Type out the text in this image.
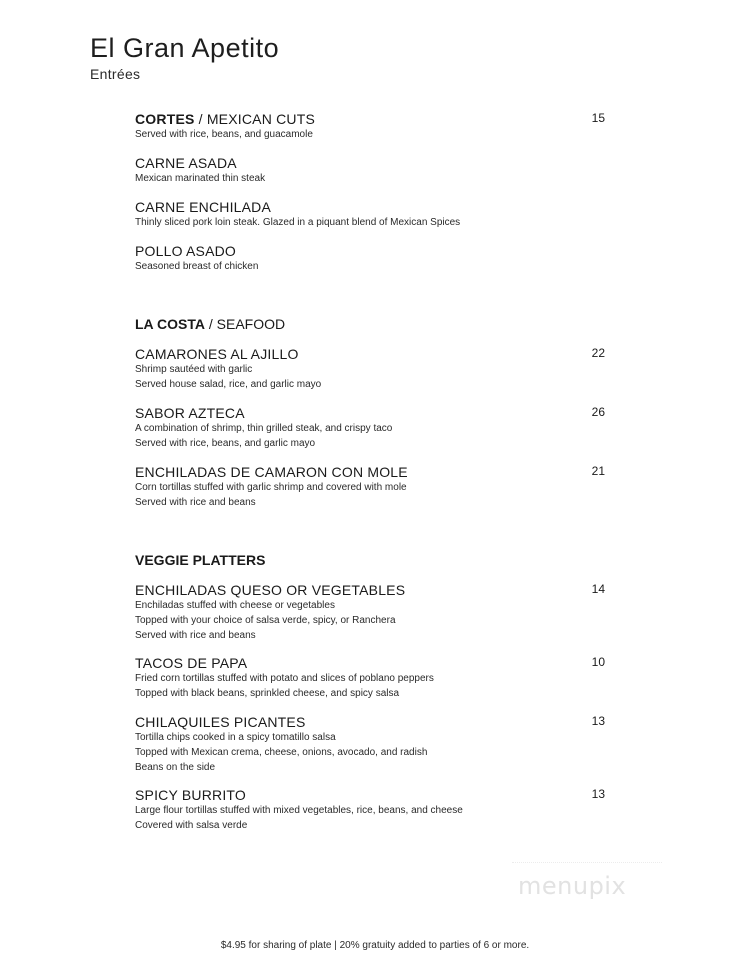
El Gran Apetito
Entrées
CORTES / MEXICAN CUTS
Served with rice, beans, and guacamole
15
CARNE ASADA
Mexican marinated thin steak
CARNE ENCHILADA
Thinly sliced pork loin steak. Glazed in a piquant blend of Mexican Spices
POLLO ASADO
Seasoned breast of chicken
LA COSTA / SEAFOOD
CAMARONES AL AJILLO
Shrimp sautéed with garlic
Served house salad, rice, and garlic mayo
22
SABOR AZTECA
A combination of shrimp, thin grilled steak, and crispy taco
Served with rice, beans, and garlic mayo
26
ENCHILADAS DE CAMARON CON MOLE
Corn tortillas stuffed with garlic shrimp and covered with mole
Served with rice and beans
21
VEGGIE PLATTERS
ENCHILADAS QUESO OR VEGETABLES
Enchiladas stuffed with cheese or vegetables
Topped with your choice of salsa verde, spicy, or Ranchera
Served with rice and beans
14
TACOS DE PAPA
Fried corn tortillas stuffed with potato and slices of poblano peppers
Topped with black beans, sprinkled cheese, and spicy salsa
10
CHILAQUILES PICANTES
Tortilla chips cooked in a spicy tomatillo salsa
Topped with Mexican crema, cheese, onions, avocado, and radish
Beans on the side
13
SPICY BURRITO
Large flour tortillas stuffed with mixed vegetables, rice, beans, and cheese
Covered with salsa verde
13
menupix
$4.95 for sharing of plate | 20% gratuity added to parties of 6 or more.
